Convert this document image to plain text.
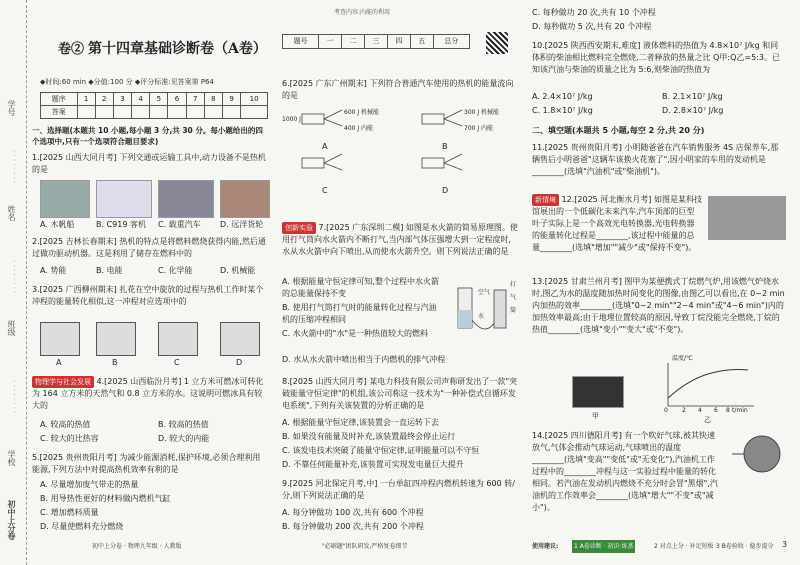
学号
· · · · · · · ·
姓名
· · · · · · · ·
班级
· · · · · · · ·
学校
初中上分卷
卷② 第十四章基础诊断卷（A卷）
◆时间:60 min ◆分值:100 分 ◆评分标准:见答案第 P64
题序	1	2	3	4	5	6	7	8	9	10
答案										
一、选择题(本题共 10 小题,每小题 3 分,共 30 分。每小题给出的四个选项中,只有一个选项符合题目要求)
1.[2025 山西大同月考] 下列交通或运输工具中,动力设备不是热机的是
A. 木帆船	B. C919 客机 C. 载重汽车 D. 远洋货轮
2.[2025 吉林长春期末] 热机的特点是将燃料燃烧获得内能,然后通过做功驱动机器。这是利用了储存在燃料中的
A. 势能	B. 电能	C. 化学能	D. 机械能
3.[2025 广西柳州期末] 扎花在空中旋放的过程与热机工作时某个冲程的能量转化相似,这一冲程对应选项中的
A	B	C	D
物理学与社会发展 4.[2025 山西临汾月考] 1 立方米可燃冰可转化为 164 立方米的天然气和 0.8 立方米的水。这说明可燃冰具有较大的
A. 较高的热值	B. 较高的热值
C. 较大的比热容	D. 较大的内能
5.[2025 贵州贵阳月考] 为减少能源消耗,保护环境,必须合理利用能源,下列方法中对提高热机效率有利的是
A. 尽量增加废气带走的热量
B. 用导热性更好的材料做内燃机气缸
C. 增加燃料质量
D. 尽量使燃料充分燃烧
初中上分卷 · 物理九年级 · 人教版
考查内容:内能的利用
题号	一	二	三	四	五	总分
6.[2025 广东广州期末] 下列符合普通汽车使用的热机的能量流向的是
600 J 机械能
400 J 内能
300 J 机械能
700 J 内能
1000 J
A	B
C	D
创新实验 7.[2025 广东深圳二模] 如图是水火箭的简易原理图。使用打气筒向水火箭内不断打气,当内部气体压强增大到一定程度时,水从水火箭中向下喷出,从而使水火箭升空。则下列说法正确的是
A. 根据能量守恒定律可知,整个过程中水火箭的总能量保持不变
B. 使用打气筒打气时的能量转化过程与汽油机的压缩冲程相同
C. 水火箭中的"水"是一种热值较大的燃料
D. 水从水火箭中喷出相当于内燃机的排气冲程
空气
水
打气筒
8.[2025 山西大同月考] 某电力科技有限公司声称研发出了一款"突破能量守恒定律"的机组,该公司称这一技术为"一种补偿式自循环发电系统",下列有关该装置的分析正确的是
A. 根据能量守恒定律,该装置会一直运转下去
B. 如果没有能量及时补充,该装置最终会停止运行
C. 该发电技术突破了能量守恒定律,证明能量可以不守恒
D. 不靠任何能量补充,该装置可实现发电量巨大提升
9.[2025 河北保定月考,中] 一台单缸四冲程内燃机转速为 600 转/分,则下列说法正确的是
A. 每分钟做功 100 次,共有 600 个冲程
B. 每分钟做功 200 次,共有 200 个冲程
"必刷题"团队研发,严格复卷细节
C. 每秒做功 20 次,共有 10 个冲程
D. 每秒做功 5 次,共有 20 个冲程
10.[2025 陕西西安期末,难度] 液体燃料的热值为 4.8×10⁷ J/kg 和同体积的柴油相比燃料完全燃烧,二者释放的热量之比 Q甲:Q乙=5:3。已知该汽油与柴油的质量之比为 5:6,则柴油的热值为
A. 2.4×10⁷ J/kg	B. 2.1×10⁷ J/kg
C. 1.8×10⁷ J/kg	D. 2.8×10⁷ J/kg
二、填空题(本题共 5 小题,每空 2 分,共 20 分)
11.[2025 贵州贵阳月考] 小明随爸爸在汽车销售服务 4S 店保养车,那辆售后小明爸爸"这辆车该换火花塞了",因小明家的车用的发动机是________(选填"汽油机"或"柴油机")。
新情境 12.[2025 河北衡水月考] 如图是某科技馆展出的一个低碳化未来汽车,汽车顶部的巨型叶子实际上是一个高效光电转换器,光电转换器的能量转化过程是________,该过程中能量的总量________(选填"增加""减少"或"保持不变")。
13.[2025 甘肃兰州月考] 图甲为某便携式丁烷燃气炉,用该燃气炉烧水时,图乙为水的温度随加热时间变化的图像,由图乙可以看出,在 0~2 min 内加热的效率________(选填"0~2 min""2~4 min"或"4~6 min")内的加热效率最高;由于地理位置较高的原因,导致丁烷没能完全燃烧,丁烷的热值________(选填"变小""变大"或"不变")。
甲
温度/℃
t/min
0 2 4 6 8
乙
14.[2025 四川德阳月考] 有一个吹好气球,被其快速放气,气体会推动气球运动,气球喷出的温度________(选填"变高""变低"或"无变化"),汽油机工作过程中的________冲程与这一实验过程中能量的转化相同。若汽油在发动机内燃烧不充分时会冒"黑烟",汽油机的工作效率会________(选填"增大""不变"或"减小")。
使用建议:	1 A卷诊断 · 初识·练基	2 对点上分 · 补足短板 3 B卷验收 · 稳步提分 3
